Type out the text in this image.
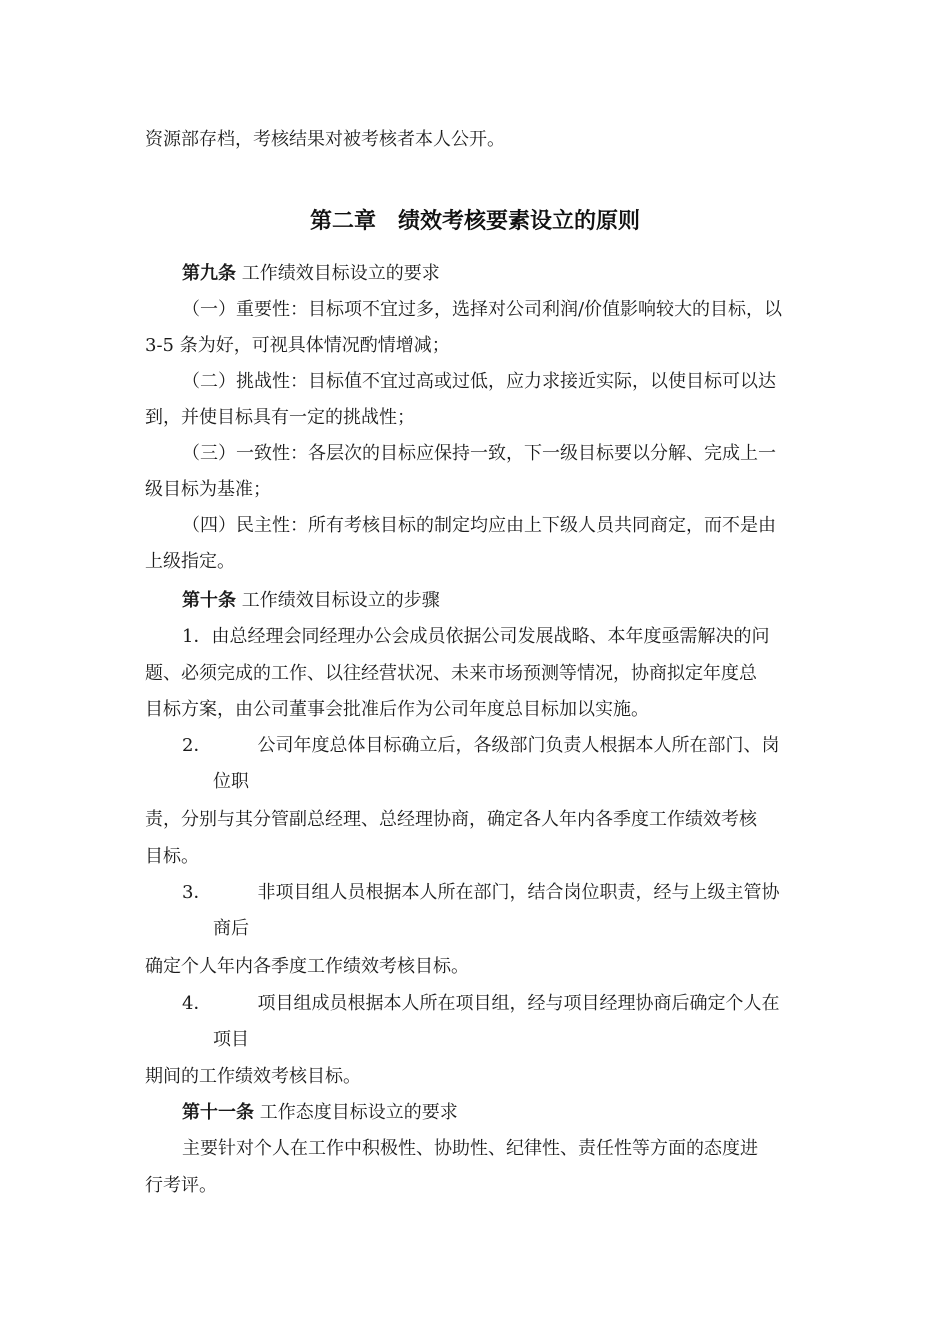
资源部存档，考核结果对被考核者本人公开。
第二章 绩效考核要素设立的原则
第九条 工作绩效目标设立的要求
（一）重要性：目标项不宜过多，选择对公司利润/价值影响较大的目标，以
3-5 条为好，可视具体情况酌情增减；
（二）挑战性：目标值不宜过高或过低，应力求接近实际，以使目标可以达
到，并使目标具有一定的挑战性；
（三）一致性：各层次的目标应保持一致，下一级目标要以分解、完成上一
级目标为基准；
（四）民主性：所有考核目标的制定均应由上下级人员共同商定，而不是由
上级指定。
第十条 工作绩效目标设立的步骤
1．由总经理会同经理办公会成员依据公司发展战略、本年度亟需解决的问
题、必须完成的工作、以往经营状况、未来市场预测等情况，协商拟定年度总
目标方案，由公司董事会批准后作为公司年度总目标加以实施。
2．	公司年度总体目标确立后，各级部门负责人根据本人所在部门、岗
位职
责，分别与其分管副总经理、总经理协商，确定各人年内各季度工作绩效考核
目标。
3．	非项目组人员根据本人所在部门，结合岗位职责，经与上级主管协
商后
确定个人年内各季度工作绩效考核目标。
4．	项目组成员根据本人所在项目组，经与项目经理协商后确定个人在
项目
期间的工作绩效考核目标。
第十一条 工作态度目标设立的要求
主要针对个人在工作中积极性、协助性、纪律性、责任性等方面的态度进
行考评。
